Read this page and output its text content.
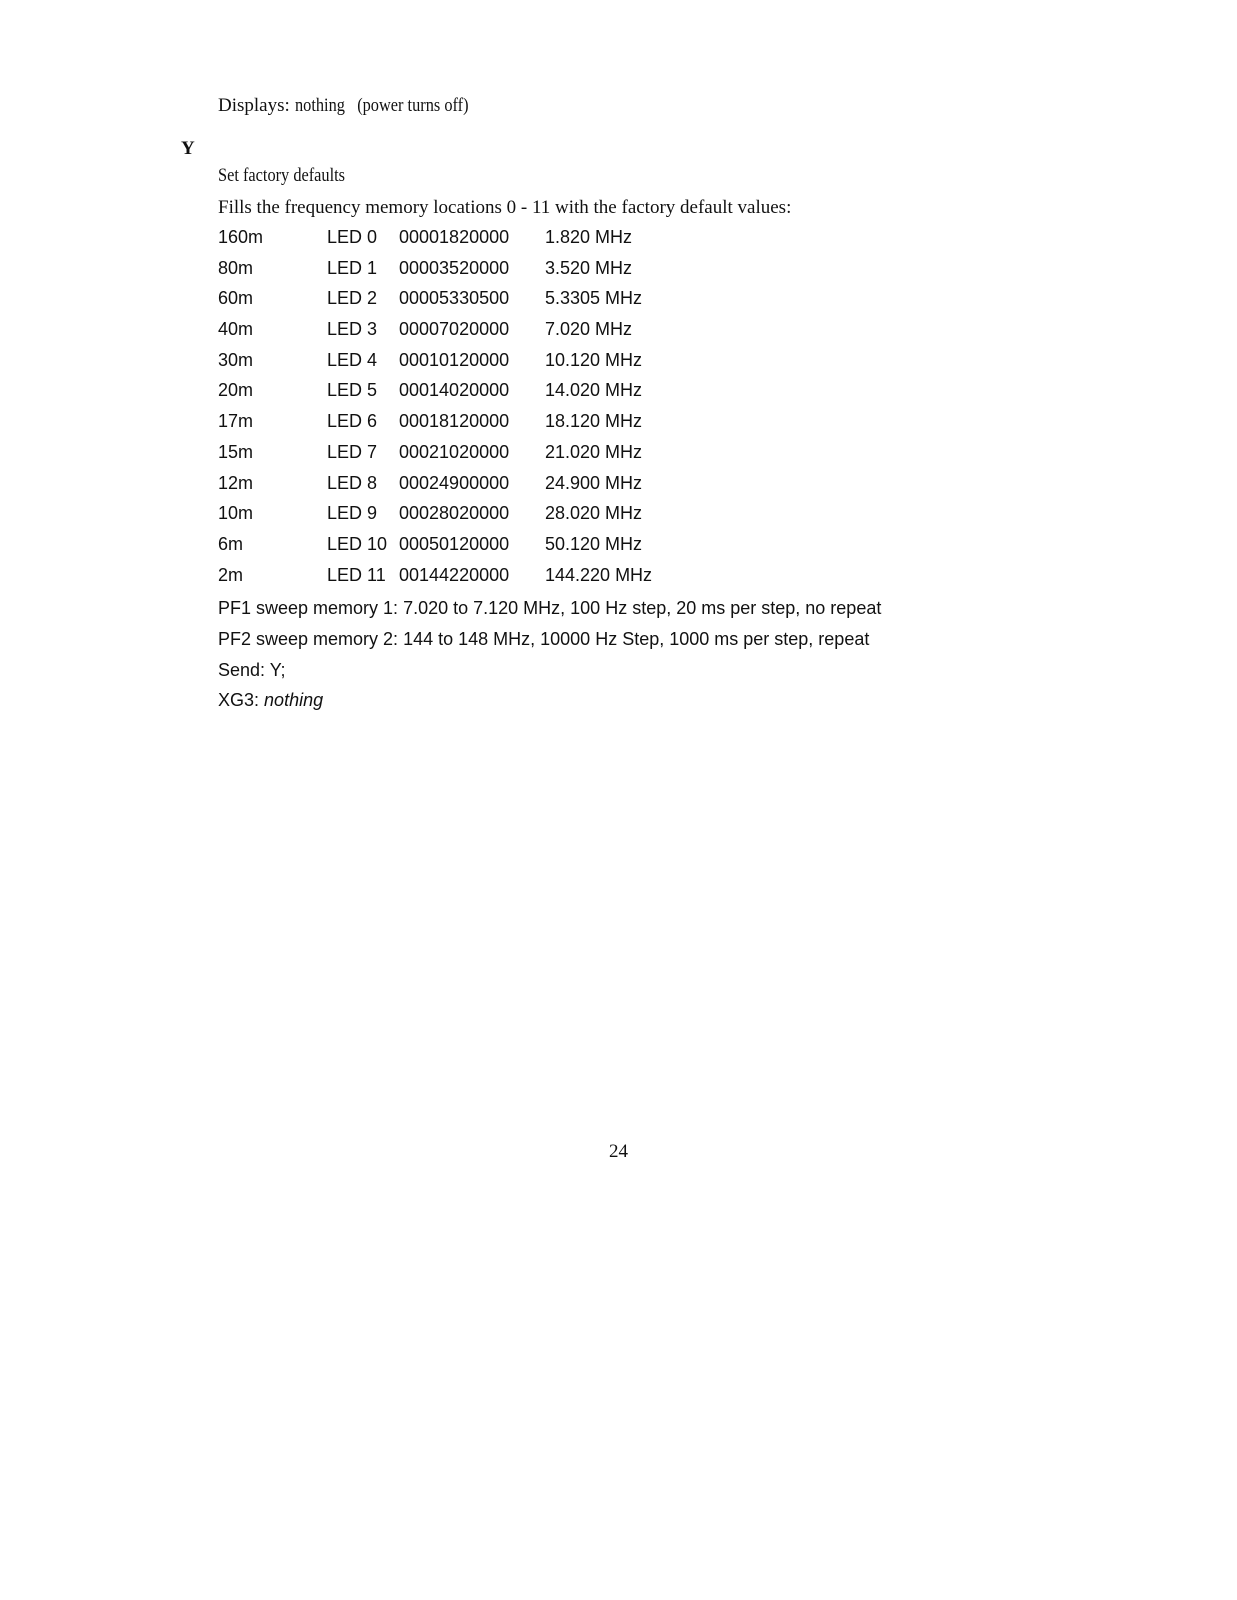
Displays: nothing (power turns off)
Y
Set factory defaults
Fills the frequency memory locations 0 - 11 with the factory default values:
160m	LED 0 00001820000 1.820 MHz
80m	LED 1 00003520000 3.520 MHz
60m	LED 2 00005330500 5.3305 MHz
40m	LED 3 00007020000 7.020 MHz
30m	LED 4 00010120000 10.120 MHz
20m	LED 5 00014020000 14.020 MHz
17m	LED 6 00018120000 18.120 MHz
15m	LED 7 00021020000 21.020 MHz
12m	LED 8 00024900000 24.900 MHz
10m	LED 9 00028020000 28.020 MHz
6m	LED 10 00050120000 50.120 MHz
2m	LED 11 00144220000 144.220 MHz
PF1 sweep memory 1: 7.020 to 7.120 MHz, 100 Hz step, 20 ms per step, no repeat
PF2 sweep memory 2: 144 to 148 MHz, 10000 Hz Step, 1000 ms per step, repeat
Send: Y;
XG3: nothing
24
